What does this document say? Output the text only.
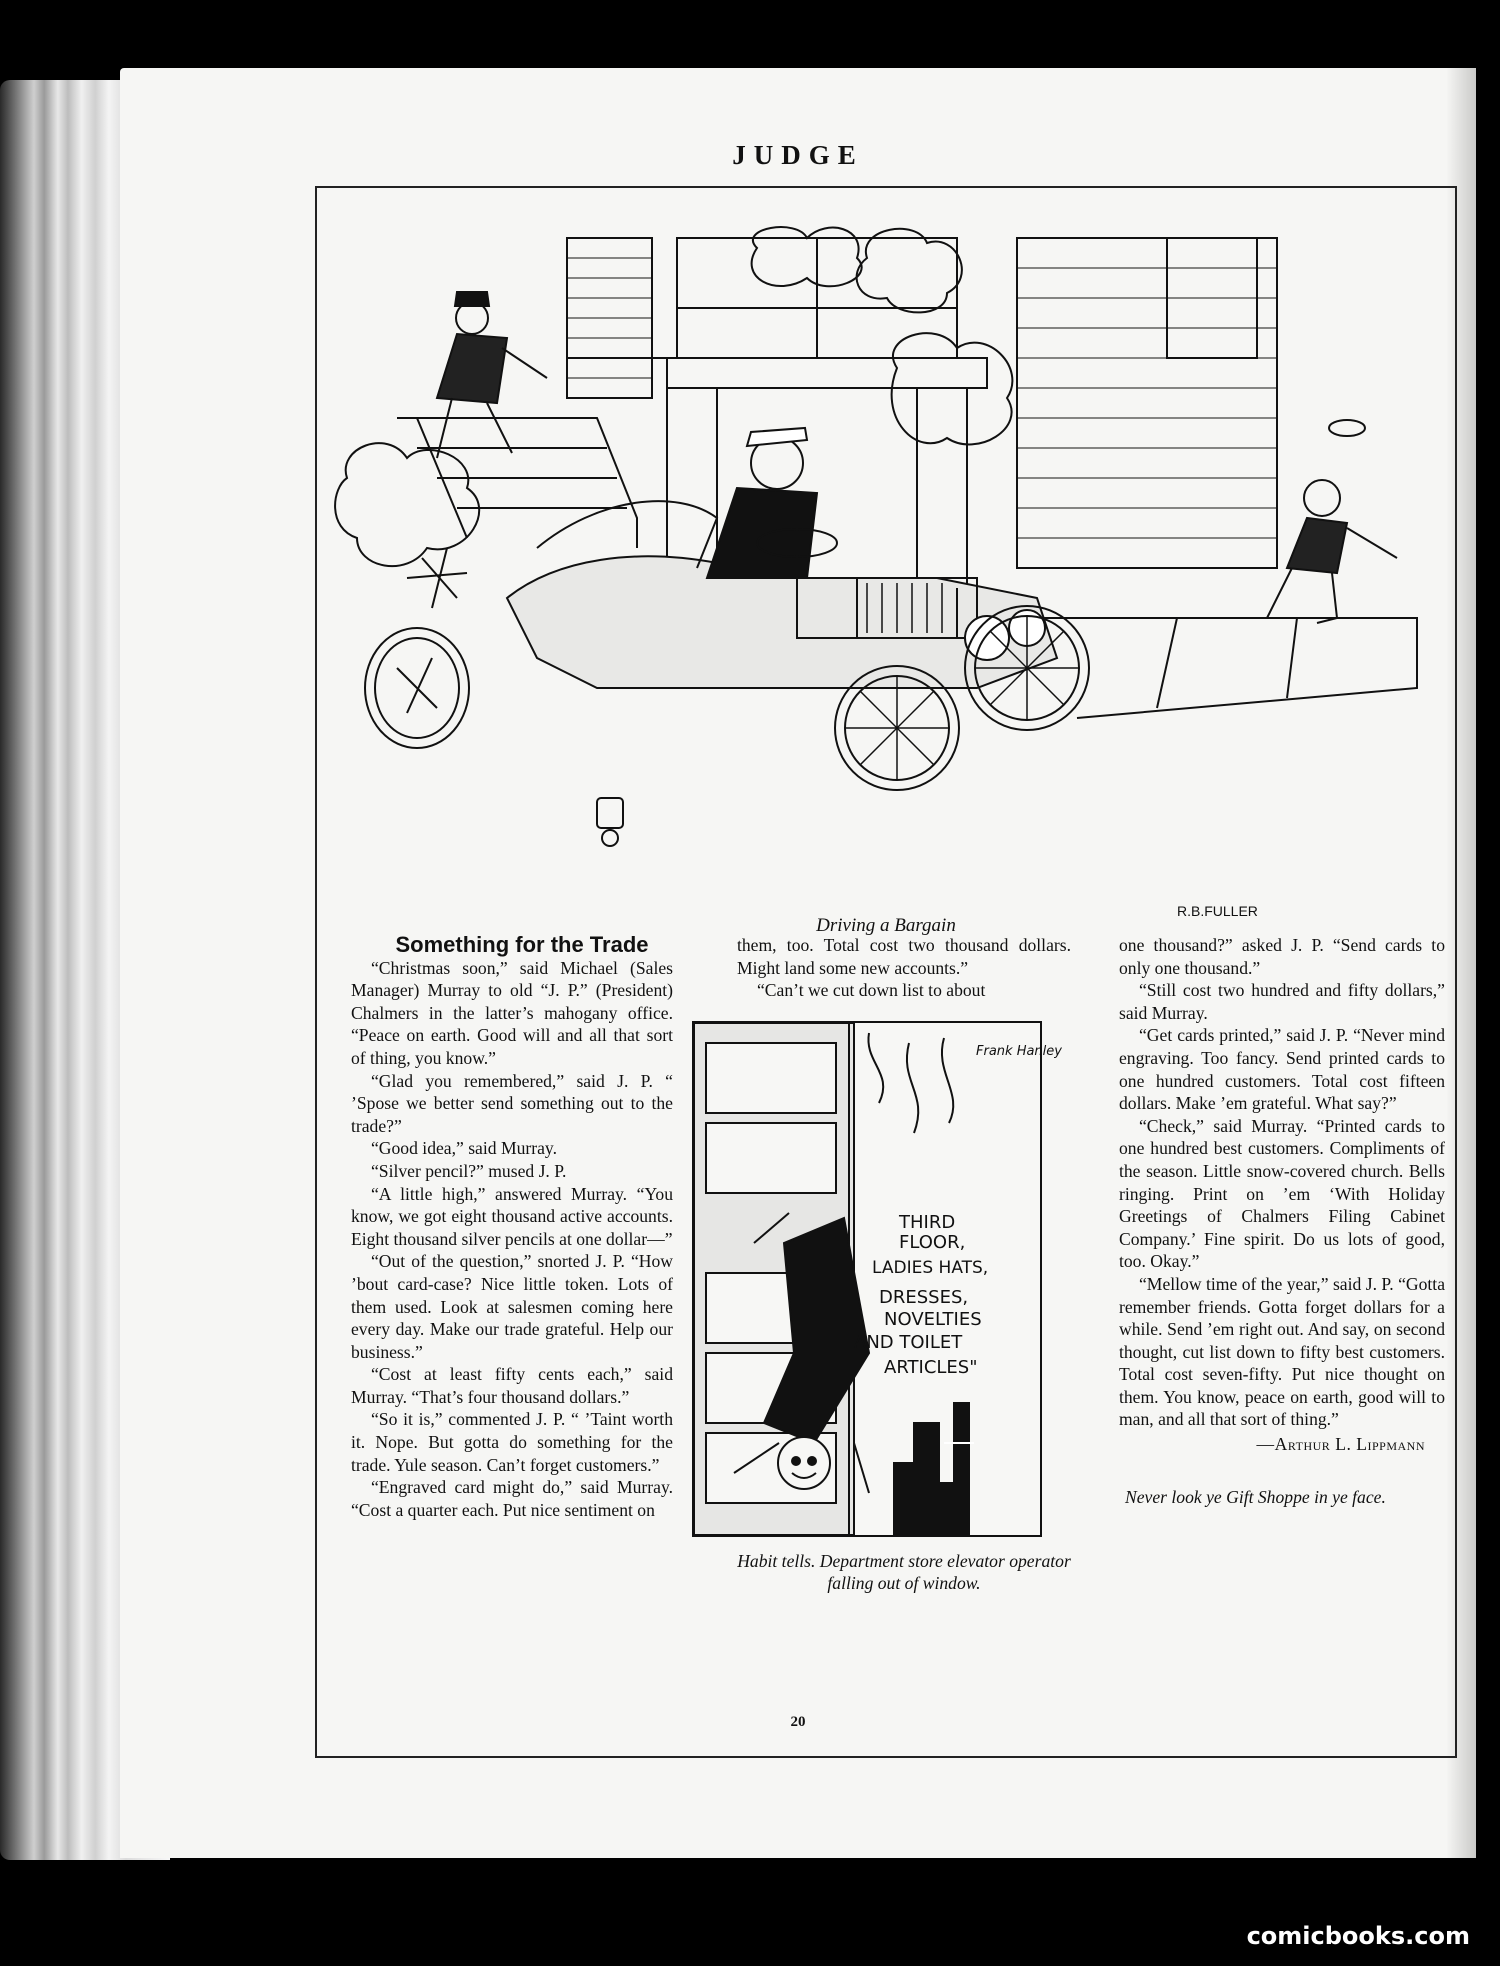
JUDGE
R.B.FULLER
Driving a Bargain

Something for the Trade

“Christmas soon,” said Michael (Sales Manager) Murray to old “J. P.” (President) Chalmers in the latter’s mahogany office. “Peace on earth. Good will and all that sort of thing, you know.”

“Glad you remembered,” said J. P. “ ’Spose we better send something out to the trade?”

“Good idea,” said Murray.

“Silver pencil?” mused J. P.

“A little high,” answered Murray. “You know, we got eight thousand active accounts. Eight thousand silver pencils at one dollar—”

“Out of the question,” snorted J. P. “How ’bout card-case? Nice little token. Lots of them used. Look at salesmen coming here every day. Make our trade grateful. Help our business.”

“Cost at least fifty cents each,” said Murray. “That’s four thousand dollars.”

“So it is,” commented J. P. “ ’Taint worth it. Nope. But gotta do something for the trade. Yule season. Can’t forget customers.”

“Engraved card might do,” said Murray. “Cost a quarter each. Put nice sentiment on

them, too. Total cost two thousand dollars. Might land some new accounts.”

“Can’t we cut down list to about

THIRD
FLOOR,
LADIES HATS,
DRESSES,
NOVELTIES
AND TOILET
ARTICLES"
Frank Hanley
Habit tells. Department store elevator operator falling out of window.

one thousand?” asked J. P. “Send cards to only one thousand.”

“Still cost two hundred and fifty dollars,” said Murray.

“Get cards printed,” said J. P. “Never mind engraving. Too fancy. Send printed cards to one hundred customers. Total cost fifteen dollars. Make ’em grateful. What say?”

“Check,” said Murray. “Printed cards to one hundred best customers. Compliments of the season. Little snow-covered church. Bells ringing. Print on ’em ‘With Holiday Greetings of Chalmers Filing Cabinet Company.’ Fine spirit. Do us lots of good, too. Okay.”

“Mellow time of the year,” said J. P. “Gotta remember friends. Gotta forget dollars for a while. Send ’em right out. And say, on second thought, cut list down to fifty best customers. Total cost seven-fifty. Put nice thought on them. You know, peace on earth, good will to man, and all that sort of thing.”

—Arthur L. Lippmann

Never look ye Gift Shoppe in ye face.

20
comicbooks.com
